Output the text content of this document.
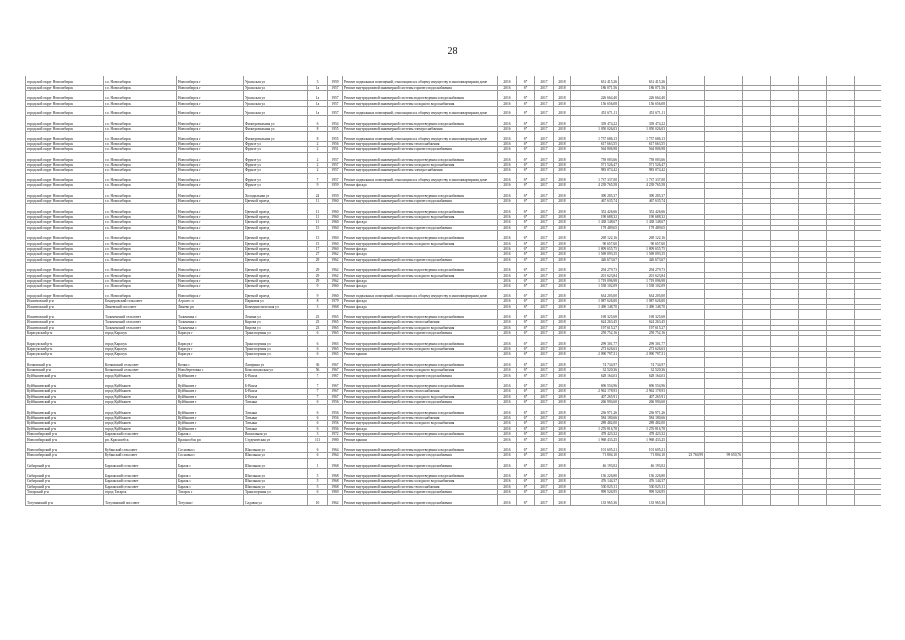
28
городской округ Новосибирск	г.о. Новосибирск	Новосибирск г	Уральская ул	3	1959	Ремонт подвальных помещений, относящихся к общему имуществу в многоквартирном доме	2016	6*	2017	2018	631 415,26	631 415,26							
городской округ Новосибирск	г.о. Новосибирск	Новосибирск г	Уральская ул	1а	1957	Ремонт внутридомовой инженерной системы горячего водоснабжения	2016	6*	2017	2018	186 071,56	186 071,56							

городской округ Новосибирск	г.о. Новосибирск	Новосибирск г	Уральская ул	1а	1957	Ремонт внутридомовой инженерной системы водоотведения и водоснабжения	2016	6*	2017	2018	226 664,40	226 664,40							
городской округ Новосибирск	г.о. Новосибирск	Новосибирск г	Уральская ул	1а	1957	Ремонт внутридомовой инженерной системы холодного водоснабжения	2016	6*	2017	2018	156 656,08	156 656,08							
городской округ Новосибирск	г.о. Новосибирск	Новосибирск г	Уральская ул	1а	1957	Ремонт подвальных помещений, относящихся к общему имуществу в многоквартирном доме	2016	6*	2017	2018	451 671,11	451 671,11							

городской округ Новосибирск	г.о. Новосибирск	Новосибирск г	Фильтровальная ул	6	1954	Ремонт внутридомовой инженерной системы водоотведения и водоснабжения	2016	6*	2017	2018	339 474,22	339 474,22							
городской округ Новосибирск	г.о. Новосибирск	Новосибирск г	Фильтровальная ул	8	1955	Ремонт внутридомовой инженерной системы электроснабжения	2016	6*	2017	2018	1 050 026,03	1 050 026,03							
городской округ Новосибирск	г.о. Новосибирск	Новосибирск г	Фильтровальная ул	8	1955	Ремонт подвальных помещений, относящихся к общему имуществу в многоквартирном доме	2016	6*	2017	2018	1 737 686,13	1 737 686,13							
городской округ Новосибирск	г.о. Новосибирск	Новосибирск г	Фрунзе ул	2	1956	Ремонт внутридомовой инженерной системы теплоснабжения	2016	6*	2017	2018	617 663,55	617 663,55							
городской округ Новосибирск	г.о. Новосибирск	Новосибирск г	Фрунзе ул	2	1951	Ремонт внутридомовой инженерной системы горячего водоснабжения	2016	6*	2017	2018	564 806,98	564 806,98							

городской округ Новосибирск	г.о. Новосибирск	Новосибирск г	Фрунзе ул	2	1957	Ремонт внутридомовой инженерной системы водоотведения и водоснабжения	2016	6*	2017	2018	739 003,66	739 003,66							
городской округ Новосибирск	г.о. Новосибирск	Новосибирск г	Фрунзе ул	2	1957	Ремонт внутридомовой инженерной системы холодного водоснабжения	2016	6*	2017	2018	571 526,47	571 526,47							
городской округ Новосибирск	г.о. Новосибирск	Новосибирск г	Фрунзе ул	2	1957	Ремонт внутридомовой инженерной системы электроснабжения	2016	6*	2017	2018	983 074,42	983 074,42							
городской округ Новосибирск	г.о. Новосибирск	Новосибирск г	Фрунзе ул	7	1957	Ремонт подвальных помещений, относящихся к общему имуществу в многоквартирном доме	2016	6*	2017	2018	1 737 337,00	1 737 337,00							
городской округ Новосибирск	г.о. Новосибирск	Новосибирск г	Фрунзе ул	9	1959	Ремонт фасада	2016	6*	2017	2018	4 239 765,58	4 239 765,58							

городской округ Новосибирск	г.о. Новосибирск	Новосибирск г	Холодильная ул	24	1959	Ремонт внутридомовой инженерной системы водоотведения и водоснабжения	2016	6*	2017	2018	390 285,37	390 285,37							
городской округ Новосибирск	г.о. Новосибирск	Новосибирск г	Цветной проезд	11	1960	Ремонт внутридомовой инженерной системы горячего водоснабжения	2016	6*	2017	2018	467 635,74	467 635,74							

городской округ Новосибирск	г.о. Новосибирск	Новосибирск г	Цветной проезд	11	1960	Ремонт внутридомовой инженерной системы водоотведения и водоснабжения	2016	6*	2017	2018	352 426,66	352 426,66							
городской округ Новосибирск	г.о. Новосибирск	Новосибирск г	Цветной проезд	11	1960	Ремонт внутридомовой инженерной системы холодного водоснабжения	2016	6*	2017	2018	190 688,32	190 688,32							
городской округ Новосибирск	г.о. Новосибирск	Новосибирск г	Цветной проезд	11	1960	Ремонт фасада	2016	6*	2017	2018	1 438 148,67	1 438 148,67							
городской округ Новосибирск	г.о. Новосибирск	Новосибирск г	Цветной проезд	15	1960	Ремонт внутридомовой инженерной системы горячего водоснабжения	2016	6*	2017	2018	179 489,65	179 489,65							

городской округ Новосибирск	г.о. Новосибирск	Новосибирск г	Цветной проезд	15	1960	Ремонт внутридомовой инженерной системы водоотведения и водоснабжения	2016	6*	2017	2018	269 122,16	269 122,16							
городской округ Новосибирск	г.о. Новосибирск	Новосибирск г	Цветной проезд	15	1960	Ремонт внутридомовой инженерной системы холодного водоснабжения	2016	6*	2017	2018	90 657,60	90 657,60							
городской округ Новосибирск	г.о. Новосибирск	Новосибирск г	Цветной проезд	17	1960	Ремонт фасада	2016	6*	2017	2018	1 809 655,75	1 809 655,75							
городской округ Новосибирск	г.о. Новосибирск	Новосибирск г	Цветной проезд	27	1962	Ремонт фасада	2016	6*	2017	2018	1 569 093,35	1 569 093,35							
городской округ Новосибирск	г.о. Новосибирск	Новосибирск г	Цветной проезд	29	1962	Ремонт внутридомовой инженерной системы горячего водоснабжения	2016	6*	2017	2018	426 673,67	426 673,67							

городской округ Новосибирск	г.о. Новосибирск	Новосибирск г	Цветной проезд	29	1962	Ремонт внутридомовой инженерной системы водоотведения и водоснабжения	2016	6*	2017	2018	294 279,73	294 279,73							
городской округ Новосибирск	г.о. Новосибирск	Новосибирск г	Цветной проезд	29	1962	Ремонт внутридомовой инженерной системы холодного водоснабжения	2016	6*	2017	2018	201 623,84	201 623,84							
городской округ Новосибирск	г.о. Новосибирск	Новосибирск г	Цветной проезд	29	1962	Ремонт фасада	2016	6*	2017	2018	1 719 096,98	1 719 096,98							
городской округ Новосибирск	г.о. Новосибирск	Новосибирск г	Цветной проезд	9	1960	Ремонт фасада	2016	6*	2017	2018	1 538 102,09	1 538 102,09							
городской округ Новосибирск	г.о. Новосибирск	Новосибирск г	Цветной проезд	9	1960	Ремонт подвальных помещений, относящихся к общему имуществу в многоквартирном доме	2016	6*	2017	2018	634 205,00	634 205,00							
Искитимский р-н	Бендеровский сельсовет	Агролес п	Парковая ул	8	1979	Ремонт фасада	2016	6*	2017	2018	1 087 626,00	1 087 626,00							
Искитимский р-н	Линевский поссовет	Линево рп	Коммунистическая ул	3	1968	Ремонт фасада	2016	6*	2017	2018	1 490 148,70	1 490 148,70							

Искитимский р-н	Тальменский сельсовет	Тальменка с	Ленина ул	23	1965	Ремонт внутридомовой инженерной системы водоотведения и водоснабжения	2016	6*	2017	2018	169 325,68	169 325,68							
Искитимский р-н	Тальменский сельсовет	Тальменка с	Кирова ул	23	1965	Ремонт внутридомовой инженерной системы теплоснабжения	2016	6*	2017	2018	624 263,45	624 263,45							
Искитимский р-н	Тальменский сельсовет	Тальменка с	Кирова ул	23	1965	Ремонт внутридомовой инженерной системы холодного водоснабжения	2016	6*	2017	2018	197 615,27	197 615,27							
Карасукский р-н	город Карасук	Карасук г	Транспортная ул	6	1965	Ремонт внутридомовой инженерной системы горячего водоснабжения	2016	6*	2017	2018	259 752,16	259 752,16							

Карасукский р-н	город Карасук	Карасук г	Транспортная ул	6	1965	Ремонт внутридомовой инженерной системы водоотведения и водоснабжения	2016	6*	2017	2018	299 301,77	299 301,77							
Карасукский р-н	город Карасук	Карасук г	Транспортная ул	6	1965	Ремонт внутридомовой инженерной системы холодного водоснабжения	2016	6*	2017	2018	273 626,63	273 626,63							
Карасукский р-н	город Карасук	Карасук г	Транспортная ул	6	1965	Ремонт крыши	2016	6*	2017	2018	2 090 797,31	2 090 797,31							

Кочковский р-н	Кочковский сельсовет	Кочки с	Лаперина ул	36	1967	Ремонт внутридомовой инженерной системы водоотведения и водоснабжения	2016	6*	2017	2018	74 734,97	74 734,97							
Кочковский р-н	Кочковский сельсовет	Новоберезовка с	Комсомольская ул	56	1967	Ремонт внутридомовой инженерной системы холодного водоснабжения	2016	6*	2017	2018	32 520,36	32 520,36							
Куйбышевский р-н	город Куйбышев	Куйбышев г	Б-Вокза	7	1967	Ремонт внутридомовой инженерной системы горячего водоснабжения	2016	6*	2017	2018	628 164,03	628 164,03							

Куйбышевский р-н	город Куйбышев	Куйбышев г	Б-Вокза	7	1967	Ремонт внутридомовой инженерной системы водоотведения и водоснабжения	2016	6*	2017	2018	696 554,96	696 554,96							
Куйбышевский р-н	город Куйбышев	Куйбышев г	Б-Вокза	7	1967	Ремонт внутридомовой инженерной системы теплоснабжения	2016	6*	2017	2018	2 962 178,93	2 962 178,93							
Куйбышевский р-н	город Куйбышев	Куйбышев г	Б-Вокза	7	1967	Ремонт внутридомовой инженерной системы холодного водоснабжения	2016	6*	2017	2018	407 265,91	407 265,91							
Куйбышевский р-н	город Куйбышев	Куйбышев г	Татьяна	6	1956	Ремонт внутридомовой инженерной системы горячего водоснабжения	2016	6*	2017	2018	266 994,60	266 994,60							

Куйбышевский р-н	город Куйбышев	Куйбышев г	Татьяна	6	1956	Ремонт внутридомовой инженерной системы водоотведения и водоснабжения	2016	6*	2017	2018	236 971,26	236 971,26							
Куйбышевский р-н	город Куйбышев	Куйбышев г	Татьяна	6	1956	Ремонт внутридомовой инженерной системы теплоснабжения	2016	6*	2017	2018	584 180,66	584 180,66							
Куйбышевский р-н	город Куйбышев	Куйбышев г	Татьяна	6	1956	Ремонт внутридомовой инженерной системы холодного водоснабжения	2016	6*	2017	2018	289 482,00	289 482,00							
Куйбышевский р-н	город Куйбышев	Куйбышев г	Татьяна	6	1956	Ремонт фасада	2016	6*	2017	2018	1 276 816,78	1 276 816,78							
Новосибирский р-н	Барлакский сельсовет	Барлак с	Вокзальная ул	3	1972	Ремонт внутридомовой инженерной системы водоотведения и водоснабжения	2016	6*	2017	2018	478 423,32	478 423,32							
Новосибирский р-н	рп. Краснообск	Краснообск рп	Студенческая ул	111	1980	Ремонт крыши	2016	6*	2017	2018	1 968 433,25	1 968 433,25							

Новосибирский р-н	Кубанский сельсовет	Сосновка с	Школьная ул	6	1964	Ремонт внутридомовой инженерной системы водоотведения и водоснабжения	2016	6*	2017	2018	101 605,21	101 605,21							
Новосибирский р-н	Кубанский сельсовет	Сосновка с	Школьная ул	6	1964	Ремонт внутридомовой инженерной системы горячего водоснабжения	2016	6*	2017	2018	71 804,10	71 804,10	23 760,99	99 650,76					

Сибирский р-н	Барлакский сельсовет	Барлак с	Школьная ул	1	1968	Ремонт внутридомовой инженерной системы горячего водоснабжения	2016	6*	2017	2018	46 193,02	46 193,02							

Сибирский р-н	Барлакский сельсовет	Барлак с	Школьная ул	5	1968	Ремонт внутридомовой инженерной системы водоотведения и водоснабжения	2016	6*	2017	2018	136 226,80	136 226,80							
Сибирский р-н	Барлакский сельсовет	Барлак с	Школьная ул	5	1968	Ремонт внутридомовой инженерной системы холодного водоснабжения	2016	6*	2017	2018	476 144,37	476 144,37							
Сибирский р-н	Барлакский сельсовет	Барлак с	Школьная ул	5	1968	Ремонт внутридомовой инженерной системы теплоснабжения	2016	6*	2017	2018	530 025,11	530 025,11							
Татарский р-н	город Татарск	Татарск г	Транспортная ул	6	1969	Ремонт внутридомовой инженерной системы горячего водоснабжения	2016	6*	2017	2018	999 526,95	999 526,95							

Тогучинский р-н	Тогучинский поссовет	Тогучин г	Садовая ул	10	1962	Ремонт внутридомовой инженерной системы горячего водоснабжения	2016	6*	2017	2018	135 965,36	135 965,36							
